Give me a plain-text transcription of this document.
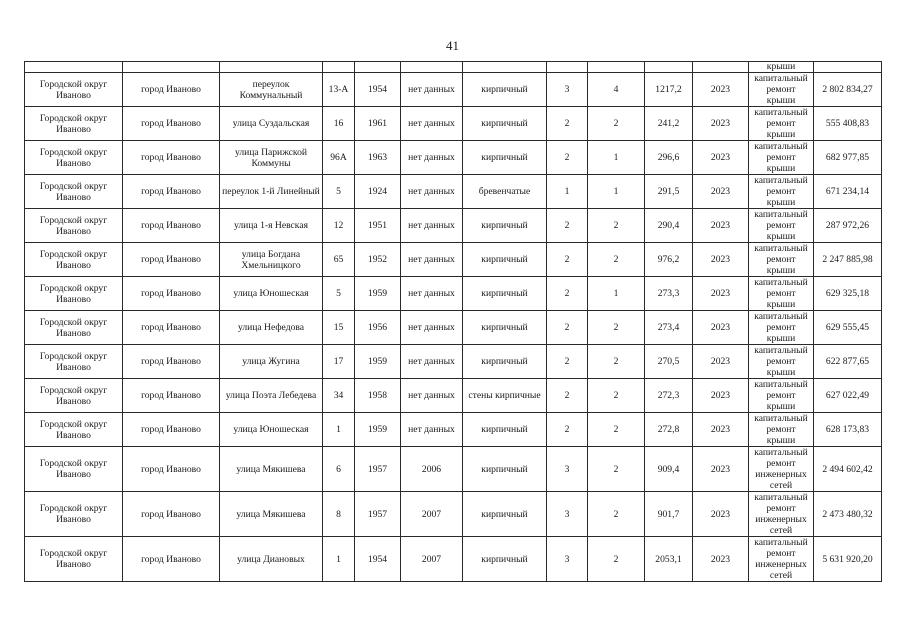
41

											крыши	

Городской округ Иваново	город Иваново	переулок Коммунальный	13-А	1954	нет данных	кирпичный	3	4	1217,2	2023	капитальный ремонт крыши	2 802 834,27
Городской округ Иваново	город Иваново	улица Суздальская	16	1961	нет данных	кирпичный	2	2	241,2	2023	капитальный ремонт крыши	555 408,83
Городской округ Иваново	город Иваново	улица Парижской Коммуны	96А	1963	нет данных	кирпичный	2	1	296,6	2023	капитальный ремонт крыши	682 977,85
Городской округ Иваново	город Иваново	переулок 1-й Линейный	5	1924	нет данных	бревенчатые	1	1	291,5	2023	капитальный ремонт крыши	671 234,14
Городской округ Иваново	город Иваново	улица 1-я Невская	12	1951	нет данных	кирпичный	2	2	290,4	2023	капитальный ремонт крыши	287 972,26
Городской округ Иваново	город Иваново	улица Богдана Хмельницкого	65	1952	нет данных	кирпичный	2	2	976,2	2023	капитальный ремонт крыши	2 247 885,98
Городской округ Иваново	город Иваново	улица Юношеская	5	1959	нет данных	кирпичный	2	1	273,3	2023	капитальный ремонт крыши	629 325,18
Городской округ Иваново	город Иваново	улица Нефедова	15	1956	нет данных	кирпичный	2	2	273,4	2023	капитальный ремонт крыши	629 555,45
Городской округ Иваново	город Иваново	улица Жугина	17	1959	нет данных	кирпичный	2	2	270,5	2023	капитальный ремонт крыши	622 877,65
Городской округ Иваново	город Иваново	улица Поэта Лебедева	34	1958	нет данных	стены кирпичные	2	2	272,3	2023	капитальный ремонт крыши	627 022,49
Городской округ Иваново	город Иваново	улица Юношеская	1	1959	нет данных	кирпичный	2	2	272,8	2023	капитальный ремонт крыши	628 173,83
Городской округ Иваново	город Иваново	улица Мякишева	6	1957	2006	кирпичный	3	2	909,4	2023	капитальный ремонт инженерных сетей	2 494 602,42
Городской округ Иваново	город Иваново	улица Мякишева	8	1957	2007	кирпичный	3	2	901,7	2023	капитальный ремонт инженерных сетей	2 473 480,32
Городской округ Иваново	город Иваново	улица Диановых	1	1954	2007	кирпичный	3	2	2053,1	2023	капитальный ремонт инженерных сетей	5 631 920,20
